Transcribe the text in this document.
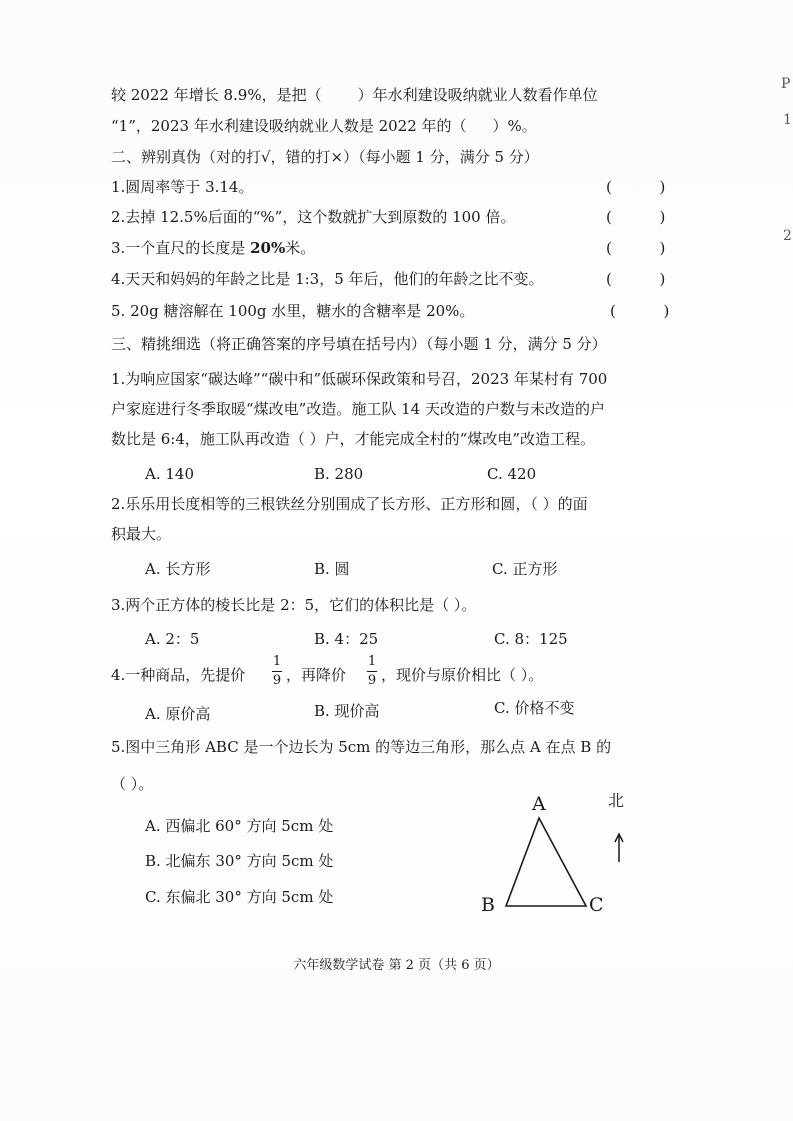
较 2022 年增长 8.9%，是把（ ）年水利建设吸纳就业人数看作单位
“1”，2023 年水利建设吸纳就业人数是 2022 年的（ ）%。
二、辨别真伪（对的打√，错的打×）（每小题 1 分，满分 5 分）
1.圆周率等于 3.14。	(          )
2.去掉 12.5%后面的“%”，这个数就扩大到原数的 100 倍。	(          )
3.一个直尺的长度是 20%米。	(          )
4.天天和妈妈的年龄之比是 1:3，5 年后，他们的年龄之比不变。	(          )
5. 20g 糖溶解在 100g 水里，糖水的含糖率是 20%。	(          )
三、精挑细选（将正确答案的序号填在括号内）（每小题 1 分，满分 5 分）
1.为响应国家“碳达峰”“碳中和”低碳环保政策和号召，2023 年某村有 700
户家庭进行冬季取暖“煤改电”改造。施工队 14 天改造的户数与未改造的户
数比是 6:4，施工队再改造（ ）户，才能完成全村的“煤改电”改造工程。
A. 140	B. 280	C. 420
2.乐乐用长度相等的三根铁丝分别围成了长方形、正方形和圆，（ ）的面
积最大。
A. 长方形	B. 圆	C. 正方形
3.两个正方体的棱长比是 2：5，它们的体积比是（ ）。
A. 2：5	B. 4：25	C. 8：125
4.一种商品，先提价
1
9 ，再降价
1
9 ，现价与原价相比（ ）。
A. 原价高	B. 现价高	C. 价格不变
5.图中三角形 ABC 是一个边长为 5cm 的等边三角形，那么点 A 在点 B 的
（ ）。
A. 西偏北 60° 方向 5cm 处
B. 北偏东 30° 方向 5cm 处
C. 东偏北 30° 方向 5cm 处
A
B	C
北
六年级数学试卷 第 2 页（共 6 页）
P
1
2
